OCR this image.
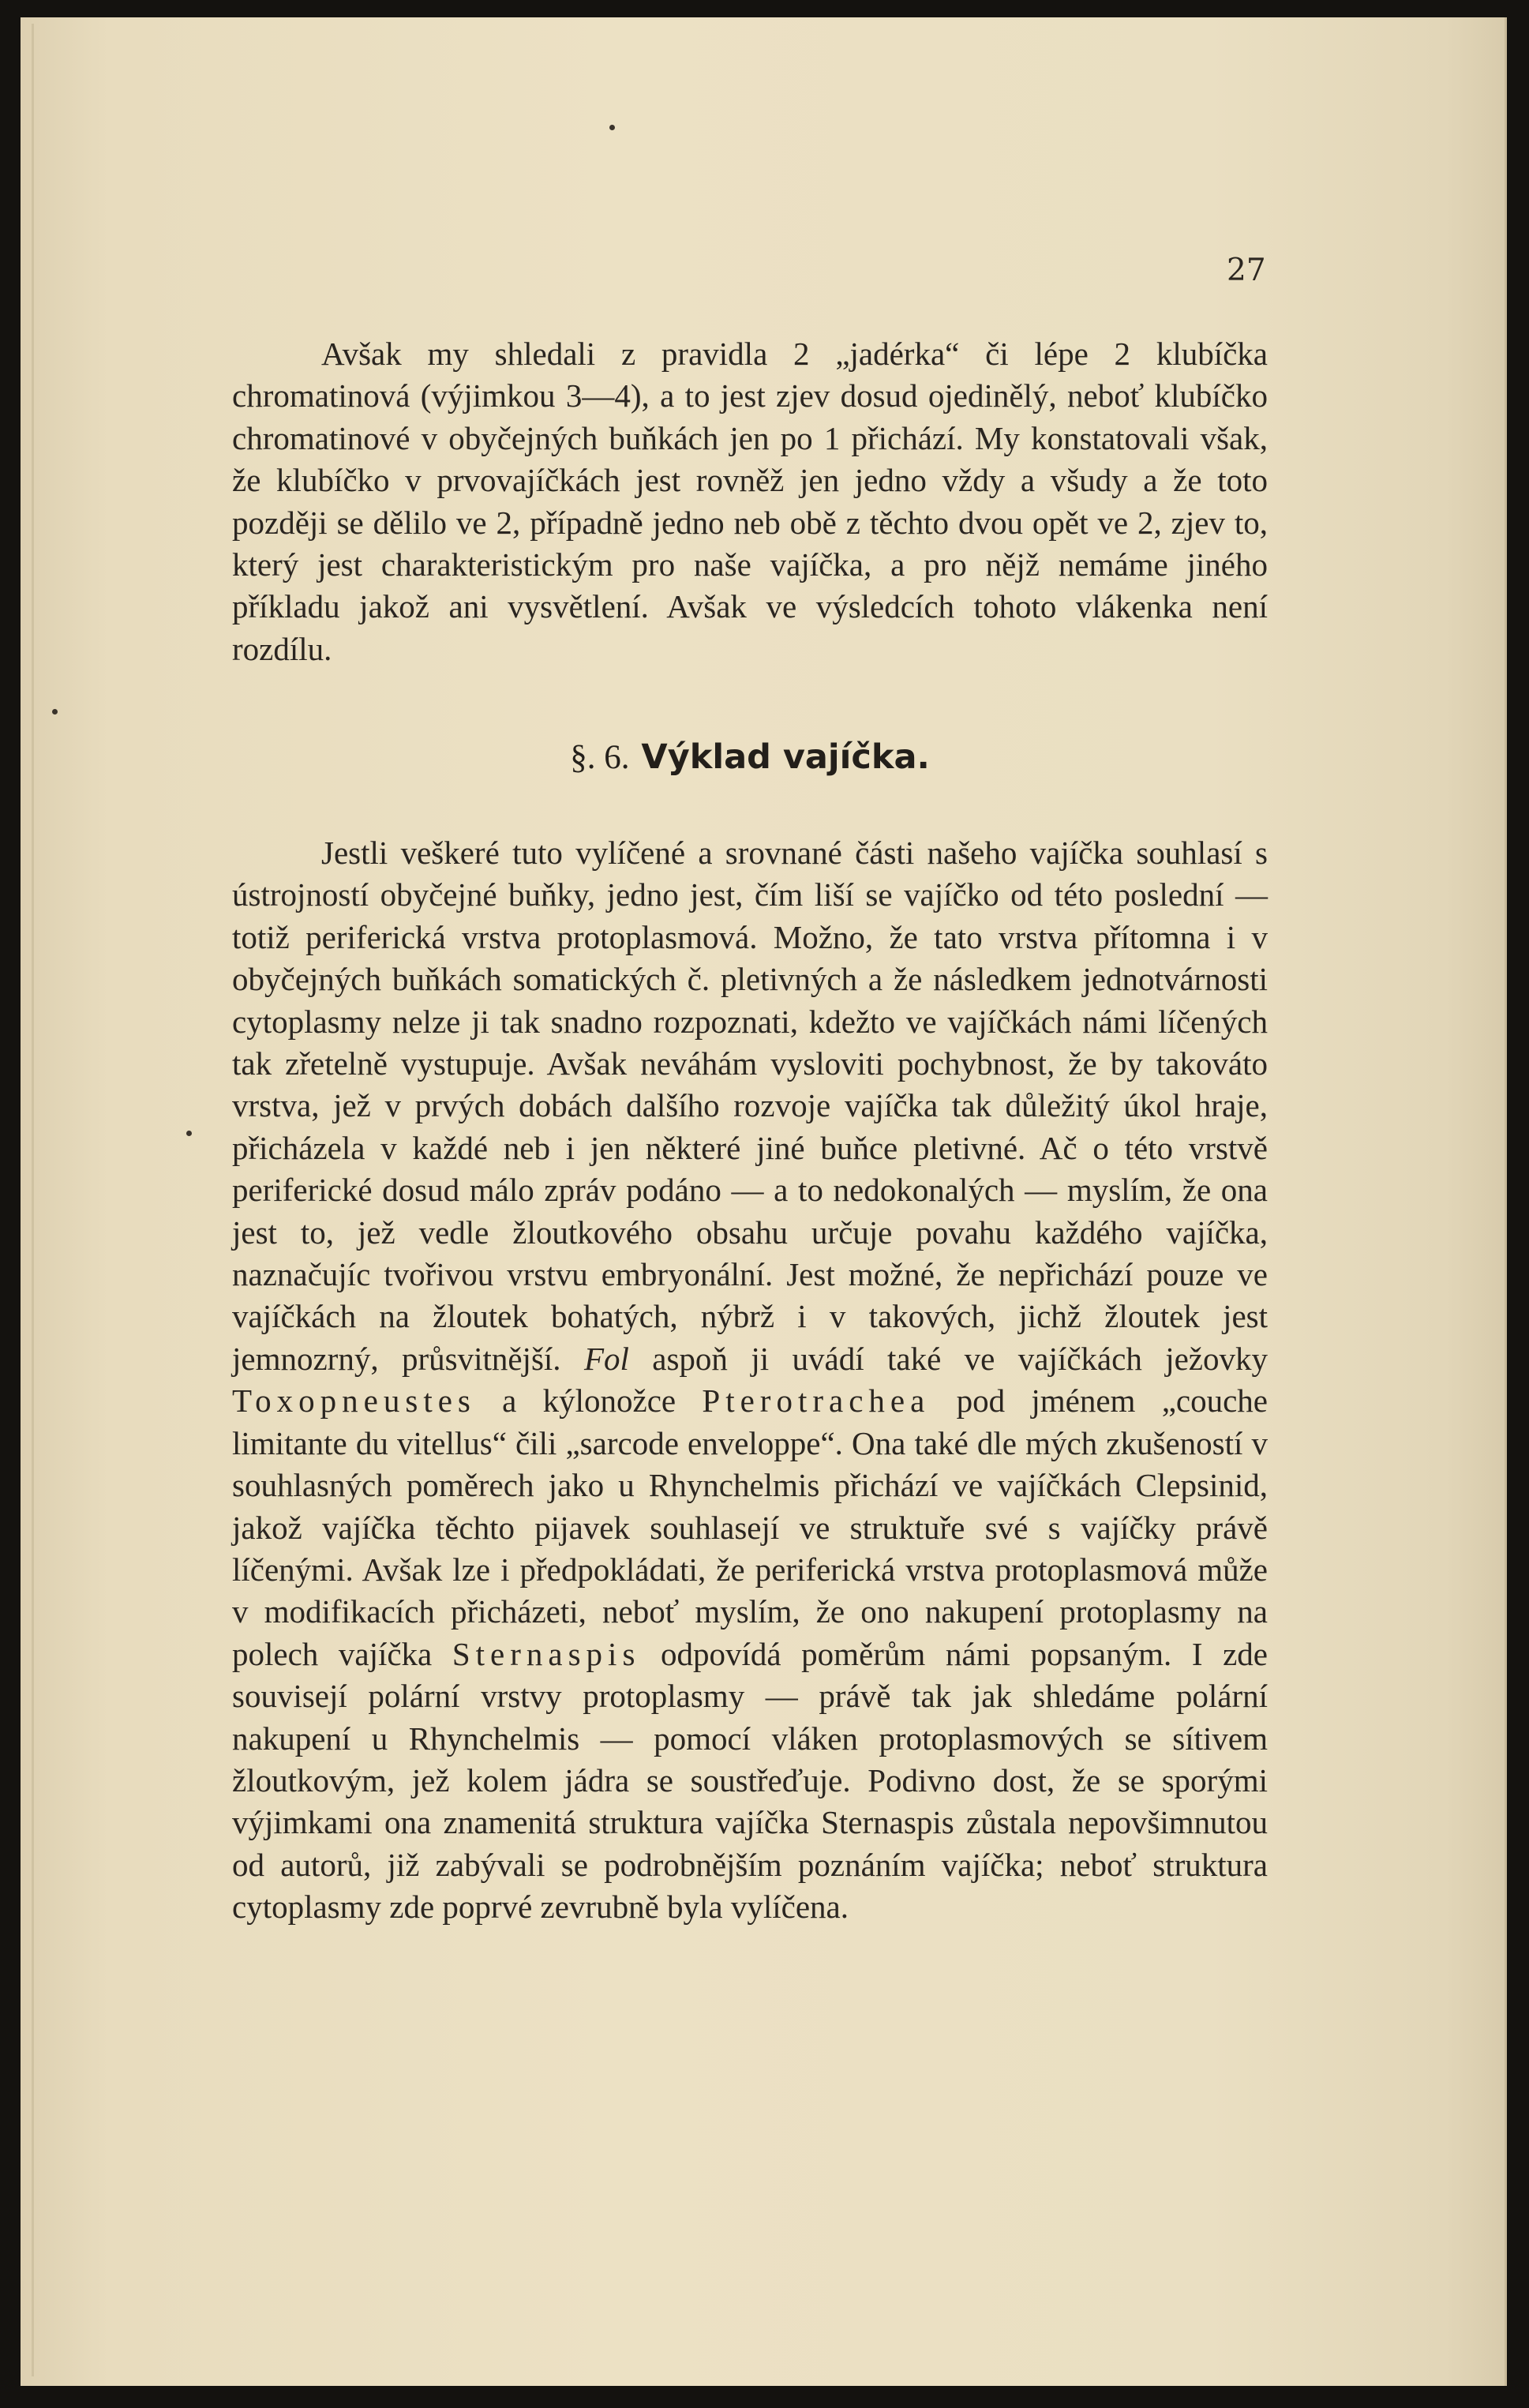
27

Avšak my shledali z pravidla 2 „jadérka“ či lépe 2 klubíčka chromatinová (výjimkou 3—4), a to jest zjev dosud ojedinělý, neboť klubíčko chromatinové v obyčejných buňkách jen po 1 přichází. My konstatovali však, že klubíčko v prvovajíčkách jest rovněž jen jedno vždy a všudy a že toto později se dělilo ve 2, případně jedno neb obě z těchto dvou opět ve 2, zjev to, který jest charakteristickým pro naše vajíčka, a pro nějž nemáme jiného příkladu jakož ani vysvětlení. Avšak ve výsledcích tohoto vlákenka není rozdílu.

§. 6. Výklad vajíčka.

Jestli veškeré tuto vylíčené a srovnané části našeho vajíčka souhlasí s ústrojností obyčejné buňky, jedno jest, čím liší se vajíčko od této poslední — totiž periferická vrstva protoplasmová. Možno, že tato vrstva přítomna i v obyčejných buňkách somatických č. pletivných a že následkem jednotvárnosti cytoplasmy nelze ji tak snadno rozpoznati, kdežto ve vajíčkách námi líčených tak zřetelně vystupuje. Avšak neváhám vysloviti pochybnost, že by takováto vrstva, jež v prvých dobách dalšího rozvoje vajíčka tak důležitý úkol hraje, přicházela v každé neb i jen některé jiné buňce pletivné. Ač o této vrstvě periferické dosud málo zpráv podáno — a to nedokonalých — myslím, že ona jest to, jež vedle žloutkového obsahu určuje povahu každého vajíčka, naznačujíc tvořivou vrstvu embryonální. Jest možné, že nepřichází pouze ve vajíčkách na žloutek bohatých, nýbrž i v takových, jichž žloutek jest jemnozrný, průsvitnější. Fol aspoň ji uvádí také ve vajíčkách ježovky Toxopneustes a kýlonožce Pterotrachea pod jménem „couche limitante du vitellus“ čili „sarcode enveloppe“. Ona také dle mých zkušeností v souhlasných poměrech jako u Rhynchelmis přichází ve vajíčkách Clepsinid, jakož vajíčka těchto pijavek souhlasejí ve struktuře své s vajíčky právě líčenými. Avšak lze i předpokládati, že periferická vrstva protoplasmová může v modifikacích přicházeti, neboť myslím, že ono nakupení protoplasmy na polech vajíčka Sternaspis odpovídá poměrům námi popsaným. I zde souvisejí polární vrstvy protoplasmy — právě tak jak shledáme polární nakupení u Rhynchelmis — pomocí vláken protoplasmových se sítivem žloutkovým, jež kolem jádra se soustřeďuje. Podivno dost, že se sporými výjimkami ona znamenitá struktura vajíčka Sternaspis zůstala nepovšimnutou od autorů, již zabývali se podrobnějším poznáním vajíčka; neboť struktura cytoplasmy zde poprvé zevrubně byla vylíčena.
